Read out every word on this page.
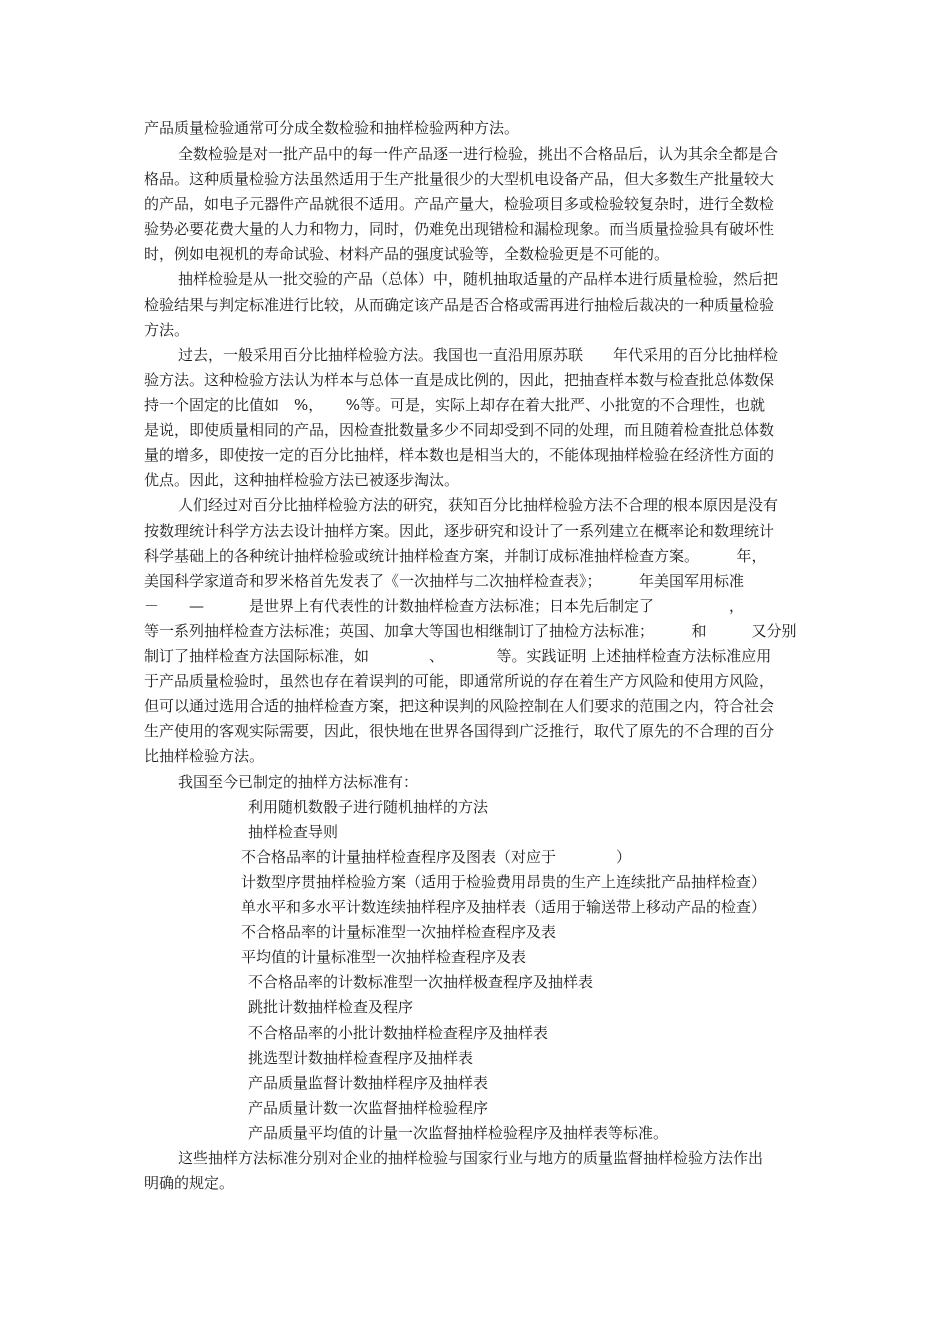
产品质量检验通常可分成全数检验和抽样检验两种方法。
全数检验是对一批产品中的每一件产品逐一进行检验，挑出不合格品后，认为其余全都是合
格品。这种质量检验方法虽然适用于生产批量很少的大型机电设备产品，但大多数生产批量较大
的产品，如电子元器件产品就很不适用。产品产量大，检验项目多或检验较复杂时，进行全数检
验势必要花费大量的人力和物力，同时，仍难免出现错检和漏检现象。而当质量捡验具有破坏性
时，例如电视机的寿命试验、材料产品的强度试验等，全数检验更是不可能的。
抽样检验是从一批交验的产品（总体）中，随机抽取适量的产品样本进行质量检验，然后把
检验结果与判定标准进行比较，从而确定该产品是否合格或需再进行抽检后裁决的一种质量检验
方法。
过去，一般采用百分比抽样检验方法。我国也一直沿用原苏联　　年代采用的百分比抽样检
验方法。这种检验方法认为样本与总体一直是成比例的，因此，把抽查样本数与检查批总体数保
持一个固定的比值如　%，　　%等。可是，实际上却存在着大批严、小批宽的不合理性，也就
是说，即使质量相同的产品，因检查批数量多少不同却受到不同的处理，而且随着检查批总体数
量的增多，即使按一定的百分比抽样，样本数也是相当大的，不能体现抽样检验在经济性方面的
优点。因此，这种抽样检验方法已被逐步淘汰。
人们经过对百分比抽样检验方法的研究，获知百分比抽样检验方法不合理的根本原因是没有
按数理统计科学方法去设计抽样方案。因此，逐步研究和设计了一系列建立在概率论和数理统计
科学基础上的各种统计抽样检验或统计抽样检查方案，并制订成标准抽样检查方案。　　　年，
美国科学家道奇和罗米格首先发表了《一次抽样与二次抽样检查表》；　　　年美国军用标准
－　　—　　　是世界上有代表性的计数抽样检查方法标准；日本先后制定了　　　　　，
等一系列抽样检查方法标准；英国、加拿大等国也相继制订了抽检方法标准；　　　和　　　又分别
制订了抽样检查方法国际标准，如　　　　、　　　　等。实践证明 上述抽样检查方法标准应用
于产品质量检验时，虽然也存在着误判的可能，即通常所说的存在着生产方风险和使用方风险，
但可以通过选用合适的抽样检查方案，把这种误判的风险控制在人们要求的范围之内，符合社会
生产使用的客观实际需要，因此，很快地在世界各国得到广泛推行，取代了原先的不合理的百分
比抽样检验方法。
我国至今已制定的抽样方法标准有：
利用随机数骰子进行随机抽样的方法
抽样检查导则
不合格品率的计量抽样检查程序及图表（对应于　　　　）
计数型序贯抽样检验方案（适用于检验费用昂贵的生产上连续批产品抽样检查）
单水平和多水平计数连续抽样程序及抽样表（适用于输送带上移动产品的检查）
不合格品率的计量标准型一次抽样检查程序及表
平均值的计量标准型一次抽样检查程序及表
不合格品率的计数标准型一次抽样极查程序及抽样表
跳批计数抽样检查及程序
不合格品率的小批计数抽样检查程序及抽样表
挑选型计数抽样检查程序及抽样表
产品质量监督计数抽样程序及抽样表
产品质量计数一次监督抽样检验程序
产品质量平均值的计量一次监督抽样检验程序及抽样表等标准。
这些抽样方法标准分别对企业的抽样检验与国家行业与地方的质量监督抽样检验方法作出
明确的规定。
